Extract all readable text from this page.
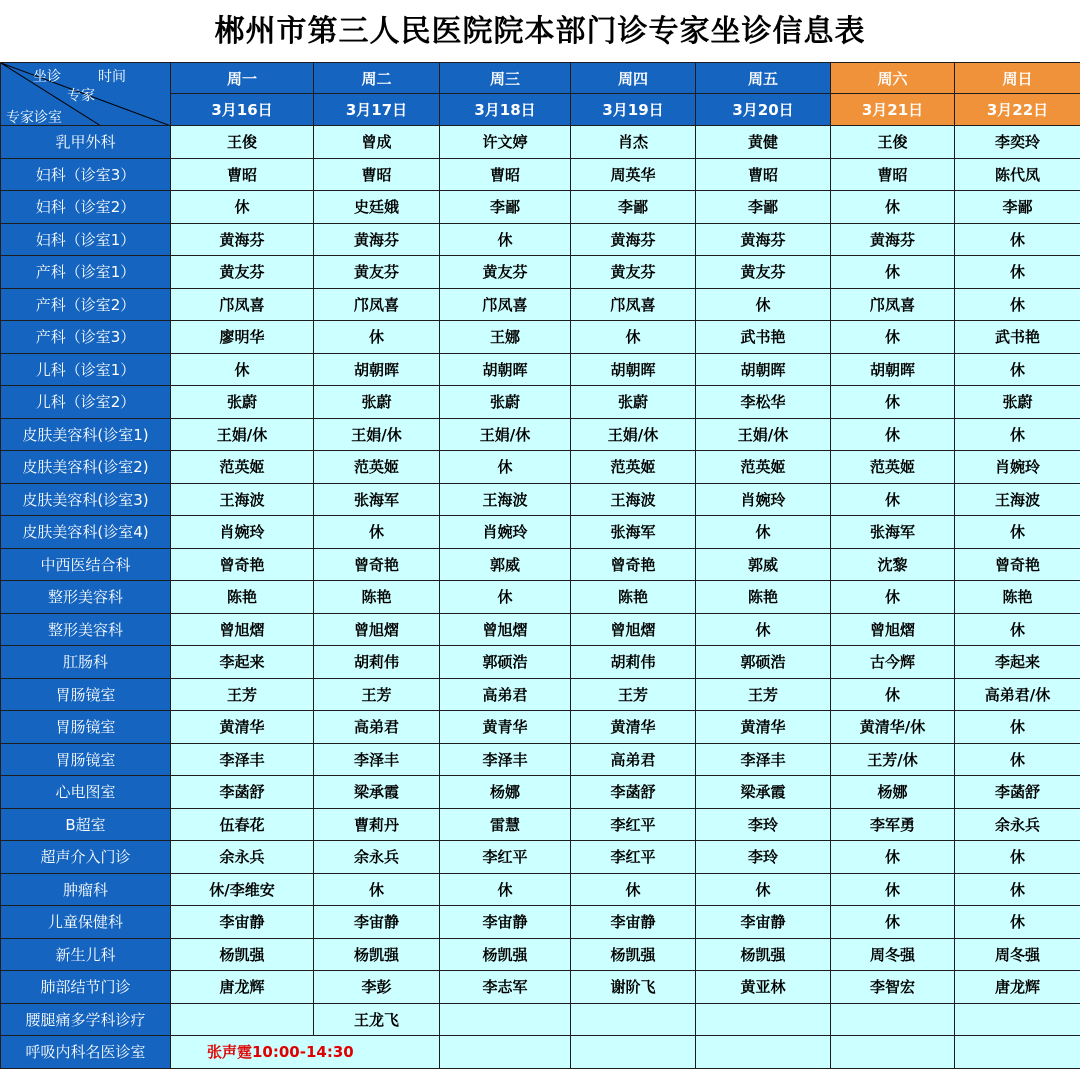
郴州市第三人民医院院本部门诊专家坐诊信息表
坐诊 时间
专家
专家诊室	周一	周二	周三	周四	周五	周六	周日
	3月16日	3月17日	3月18日	3月19日	3月20日	3月21日	3月22日
乳甲外科	王俊	曾成	许文婷	肖杰	黄健	王俊	李奕玲
妇科（诊室3）	曹昭	曹昭	曹昭	周英华	曹昭	曹昭	陈代凤
妇科（诊室2）	休	史廷娥	李鄙	李鄙	李鄙	休	李鄙
妇科（诊室1）	黄海芬	黄海芬	休	黄海芬	黄海芬	黄海芬	休
产科（诊室1）	黄友芬	黄友芬	黄友芬	黄友芬	黄友芬	休	休
产科（诊室2）	邝凤喜	邝凤喜	邝凤喜	邝凤喜	休	邝凤喜	休
产科（诊室3）	廖明华	休	王娜	休	武书艳	休	武书艳
儿科（诊室1）	休	胡朝晖	胡朝晖	胡朝晖	胡朝晖	胡朝晖	休
儿科（诊室2）	张蔚	张蔚	张蔚	张蔚	李松华	休	张蔚
皮肤美容科(诊室1)	王娟/休	王娟/休	王娟/休	王娟/休	王娟/休	休	休
皮肤美容科(诊室2)	范英姬	范英姬	休	范英姬	范英姬	范英姬	肖婉玲
皮肤美容科(诊室3)	王海波	张海军	王海波	王海波	肖婉玲	休	王海波
皮肤美容科(诊室4)	肖婉玲	休	肖婉玲	张海军	休	张海军	休
中西医结合科	曾奇艳	曾奇艳	郭威	曾奇艳	郭威	沈黎	曾奇艳
整形美容科	陈艳	陈艳	休	陈艳	陈艳	休	陈艳
整形美容科	曾旭熠	曾旭熠	曾旭熠	曾旭熠	休	曾旭熠	休
肛肠科	李起来	胡莉伟	郭硕浩	胡莉伟	郭硕浩	古今辉	李起来
胃肠镜室	王芳	王芳	高弟君	王芳	王芳	休	高弟君/休
胃肠镜室	黄清华	高弟君	黄青华	黄清华	黄清华	黄清华/休	休
胃肠镜室	李泽丰	李泽丰	李泽丰	高弟君	李泽丰	王芳/休	休
心电图室	李菡舒	梁承霞	杨娜	李菡舒	梁承霞	杨娜	李菡舒
B超室	伍春花	曹莉丹	雷慧	李红平	李玲	李军勇	余永兵
超声介入门诊	余永兵	余永兵	李红平	李红平	李玲	休	休
肿瘤科	休/李维安	休	休	休	休	休	休
儿童保健科	李宙静	李宙静	李宙静	李宙静	李宙静	休	休
新生儿科	杨凯强	杨凯强	杨凯强	杨凯强	杨凯强	周冬强	周冬强
肺部结节门诊	唐龙辉	李彭	李志军	谢阶飞	黄亚林	李智宏	唐龙辉
腰腿痛多学科诊疗		王龙飞					
呼吸内科名医诊室	张声霆10:00-14:30						
